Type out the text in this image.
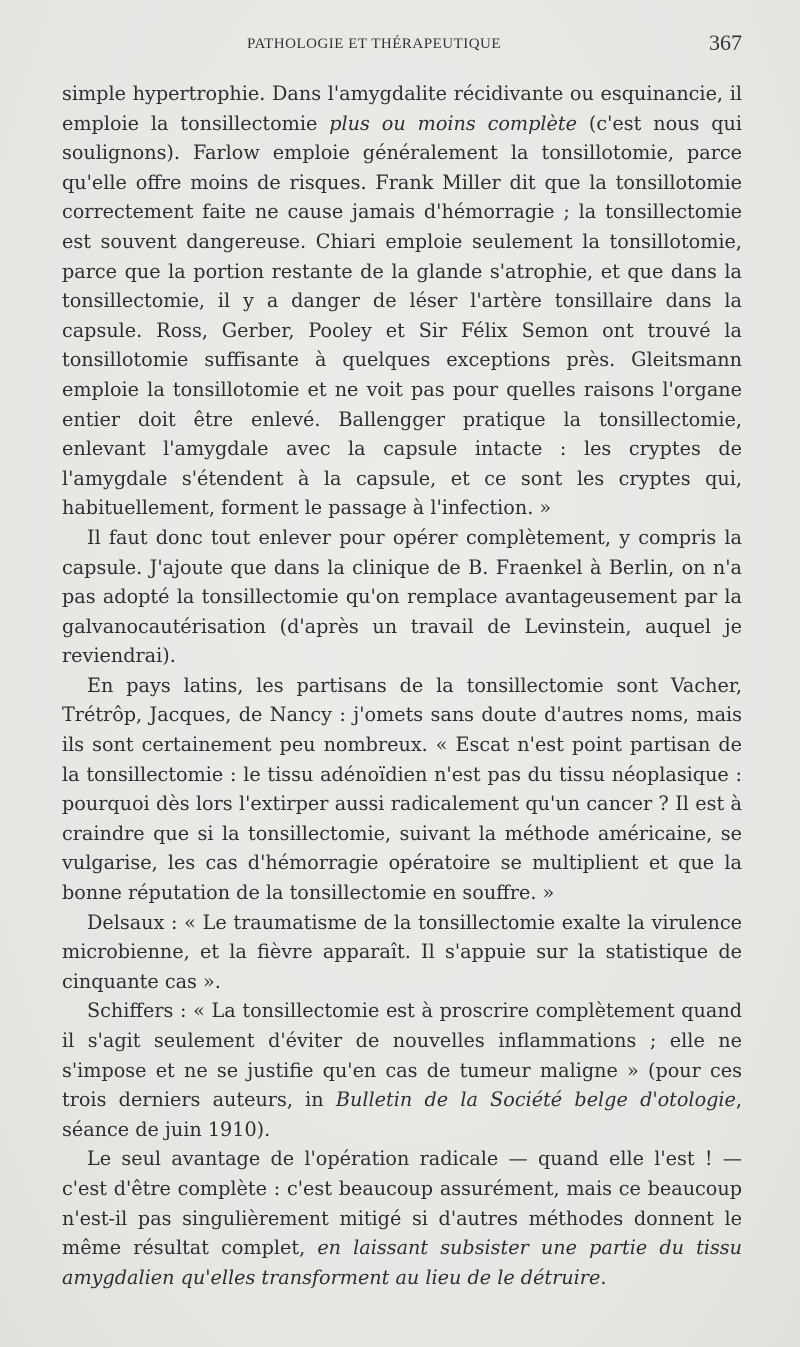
PATHOLOGIE ET THÉRAPEUTIQUE	367

simple hypertrophie. Dans l'amygdalite récidivante ou esquinancie, il emploie la tonsillectomie plus ou moins complète (c'est nous qui soulignons). Farlow emploie généralement la tonsillotomie, parce qu'elle offre moins de risques. Frank Miller dit que la tonsillotomie correctement faite ne cause jamais d'hémorragie ; la tonsillectomie est souvent dangereuse. Chiari emploie seulement la tonsillotomie, parce que la portion restante de la glande s'atrophie, et que dans la tonsillectomie, il y a danger de léser l'artère tonsillaire dans la capsule. Ross, Gerber, Pooley et Sir Félix Semon ont trouvé la tonsillotomie suffisante à quelques exceptions près. Gleitsmann emploie la tonsillotomie et ne voit pas pour quelles raisons l'organe entier doit être enlevé. Ballengger pratique la tonsillectomie, enlevant l'amygdale avec la capsule intacte : les cryptes de l'amygdale s'étendent à la capsule, et ce sont les cryptes qui, habituellement, forment le passage à l'infection. »

Il faut donc tout enlever pour opérer complètement, y compris la capsule. J'ajoute que dans la clinique de B. Fraenkel à Berlin, on n'a pas adopté la tonsillectomie qu'on remplace avantageusement par la galvanocautérisation (d'après un travail de Levinstein, auquel je reviendrai).

En pays latins, les partisans de la tonsillectomie sont Vacher, Trétrôp, Jacques, de Nancy : j'omets sans doute d'autres noms, mais ils sont certainement peu nombreux. « Escat n'est point partisan de la tonsillectomie : le tissu adénoïdien n'est pas du tissu néoplasique : pourquoi dès lors l'extirper aussi radicalement qu'un cancer ? Il est à craindre que si la tonsillectomie, suivant la méthode américaine, se vulgarise, les cas d'hémorragie opératoire se multiplient et que la bonne réputation de la tonsillectomie en souffre. »

Delsaux : « Le traumatisme de la tonsillectomie exalte la virulence microbienne, et la fièvre apparaît. Il s'appuie sur la statistique de cinquante cas ».

Schiffers : « La tonsillectomie est à proscrire complètement quand il s'agit seulement d'éviter de nouvelles inflammations ; elle ne s'impose et ne se justifie qu'en cas de tumeur maligne » (pour ces trois derniers auteurs, in Bulletin de la Société belge d'otologie, séance de juin 1910).

Le seul avantage de l'opération radicale — quand elle l'est ! — c'est d'être complète : c'est beaucoup assurément, mais ce beaucoup n'est-il pas singulièrement mitigé si d'autres méthodes donnent le même résultat complet, en laissant subsister une partie du tissu amygdalien qu'elles transforment au lieu de le détruire.
